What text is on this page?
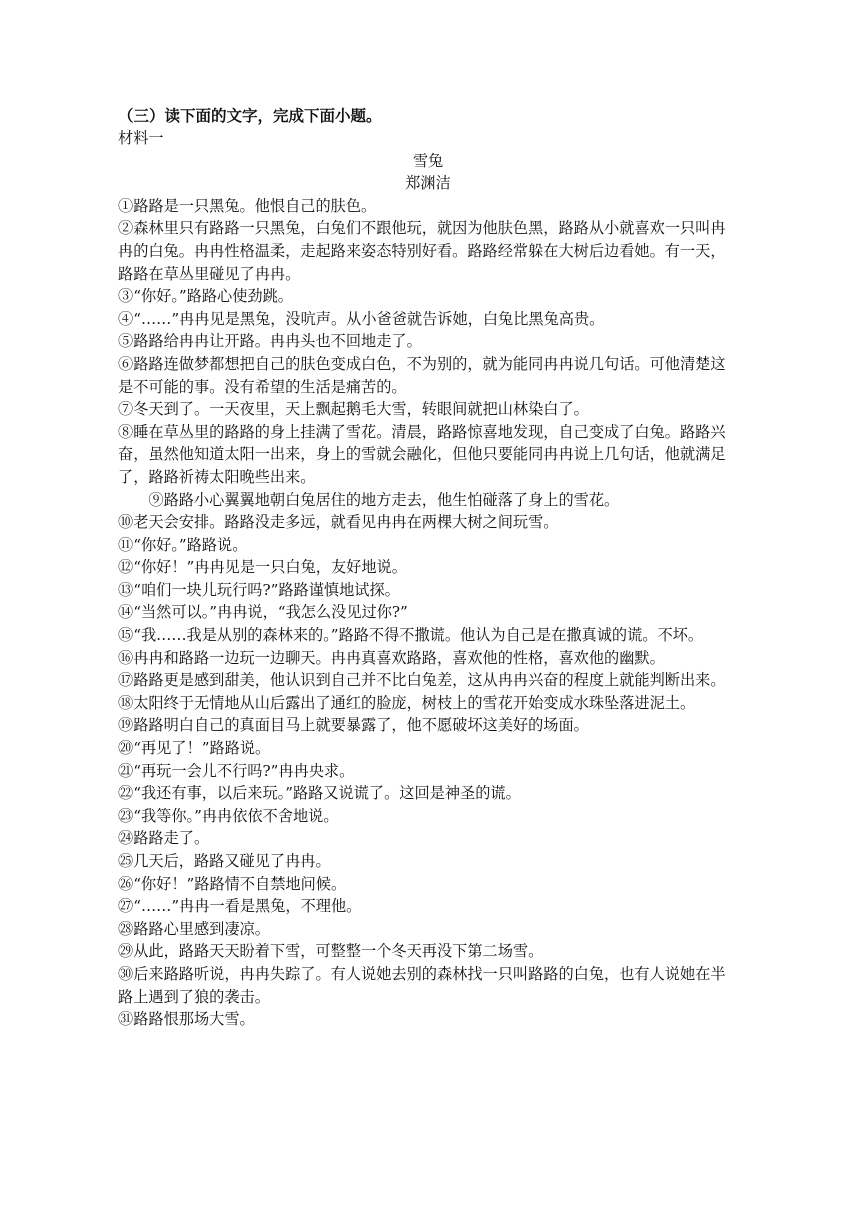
（三）读下面的文字，完成下面小题。
材料一
雪兔
郑渊洁

①路路是一只黑兔。他恨自己的肤色。

②森林里只有路路一只黑兔，白兔们不跟他玩，就因为他肤色黑，路路从小就喜欢一只叫冉冉的白兔。冉冉性格温柔，走起路来姿态特别好看。路路经常躲在大树后边看她。有一天，路路在草丛里碰见了冉冉。

③“你好。”路路心使劲跳。

④“……”冉冉见是黑兔，没吭声。从小爸爸就告诉她，白兔比黑兔高贵。

⑤路路给冉冉让开路。冉冉头也不回地走了。

⑥路路连做梦都想把自己的肤色变成白色，不为别的，就为能同冉冉说几句话。可他清楚这是不可能的事。没有希望的生活是痛苦的。

⑦冬天到了。一天夜里，天上飘起鹅毛大雪，转眼间就把山林染白了。

⑧睡在草丛里的路路的身上挂满了雪花。清晨，路路惊喜地发现，自己变成了白兔。路路兴奋，虽然他知道太阳一出来，身上的雪就会融化，但他只要能同冉冉说上几句话，他就满足了，路路祈祷太阳晚些出来。

⑨路路小心翼翼地朝白兔居住的地方走去，他生怕碰落了身上的雪花。

⑩老天会安排。路路没走多远，就看见冉冉在两棵大树之间玩雪。

⑪“你好。”路路说。

⑫“你好！”冉冉见是一只白兔，友好地说。

⑬“咱们一块儿玩行吗?”路路谨慎地试探。

⑭“当然可以。”冉冉说，“我怎么没见过你?”

⑮“我……我是从别的森林来的。”路路不得不撒谎。他认为自己是在撒真诚的谎。不坏。

⑯冉冉和路路一边玩一边聊天。冉冉真喜欢路路，喜欢他的性格，喜欢他的幽默。

⑰路路更是感到甜美，他认识到自己并不比白兔差，这从冉冉兴奋的程度上就能判断出来。

⑱太阳终于无情地从山后露出了通红的脸庞，树枝上的雪花开始变成水珠坠落进泥土。

⑲路路明白自己的真面目马上就要暴露了，他不愿破坏这美好的场面。

⑳“再见了！”路路说。

㉑“再玩一会儿不行吗?”冉冉央求。

㉒“我还有事，以后来玩。”路路又说谎了。这回是神圣的谎。

㉓“我等你。”冉冉依依不舍地说。

㉔路路走了。

㉕几天后，路路又碰见了冉冉。

㉖“你好！”路路情不自禁地问候。

㉗“……”冉冉一看是黑兔，不理他。

㉘路路心里感到凄凉。

㉙从此，路路天天盼着下雪，可整整一个冬天再没下第二场雪。

㉚后来路路听说，冉冉失踪了。有人说她去别的森林找一只叫路路的白兔，也有人说她在半路上遇到了狼的袭击。

㉛路路恨那场大雪。
